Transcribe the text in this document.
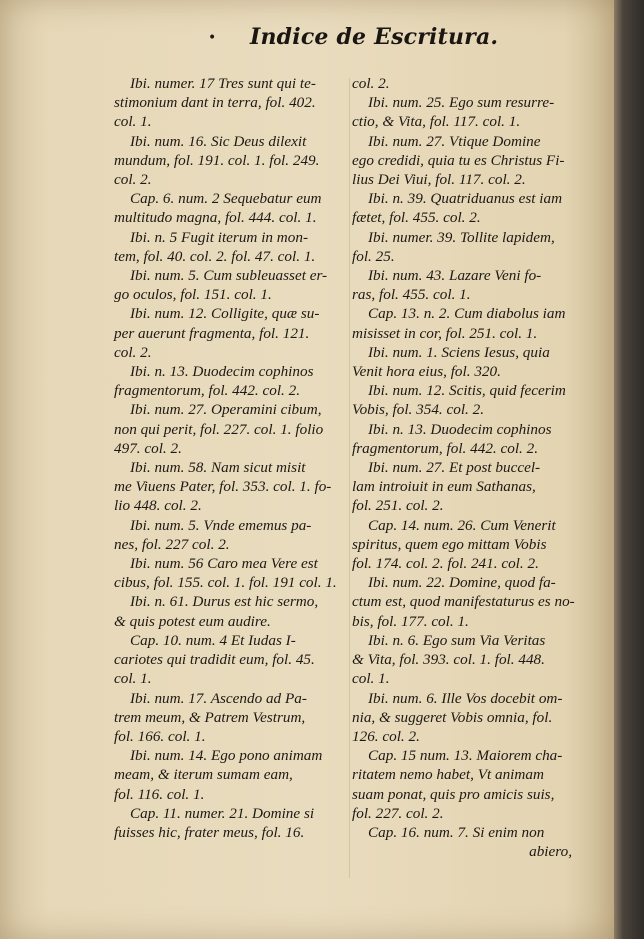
• Indice de Escritura.

Ibi. numer. 17 Tres sunt qui te-

stimonium dant in terra, fol. 402.

col. 1.

Ibi. num. 16. Sic Deus dilexit

mundum, fol. 191. col. 1. fol. 249.

col. 2.

Cap. 6. num. 2 Sequebatur eum

multitudo magna, fol. 444. col. 1.

Ibi. n. 5 Fugit iterum in mon-

tem, fol. 40. col. 2. fol. 47. col. 1.

Ibi. num. 5. Cum subleuasset er-

go oculos, fol. 151. col. 1.

Ibi. num. 12. Colligite, quæ su-

per auerunt fragmenta, fol. 121.

col. 2.

Ibi. n. 13. Duodecim cophinos

fragmentorum, fol. 442. col. 2.

Ibi. num. 27. Operamini cibum,

non qui perit, fol. 227. col. 1. folio

497. col. 2.

Ibi. num. 58. Nam sicut misit

me Viuens Pater, fol. 353. col. 1. fo-

lio 448. col. 2.

Ibi. num. 5. Vnde ememus pa-

nes, fol. 227 col. 2.

Ibi. num. 56 Caro mea Vere est

cibus, fol. 155. col. 1. fol. 191 col. 1.

Ibi. n. 61. Durus est hic sermo,

& quis potest eum audire.

Cap. 10. num. 4 Et Iudas I-

cariotes qui tradidit eum, fol. 45.

col. 1.

Ibi. num. 17. Ascendo ad Pa-

trem meum, & Patrem Vestrum,

fol. 166. col. 1.

Ibi. num. 14. Ego pono animam

meam, & iterum sumam eam,

fol. 116. col. 1.

Cap. 11. numer. 21. Domine si

fuisses hic, frater meus, fol. 16.

col. 2.

Ibi. num. 25. Ego sum resurre-

ctio, & Vita, fol. 117. col. 1.

Ibi. num. 27. Vtique Domine

ego credidi, quia tu es Christus Fi-

lius Dei Viui, fol. 117. col. 2.

Ibi. n. 39. Quatriduanus est iam

fætet, fol. 455. col. 2.

Ibi. numer. 39. Tollite lapidem,

fol. 25.

Ibi. num. 43. Lazare Veni fo-

ras, fol. 455. col. 1.

Cap. 13. n. 2. Cum diabolus iam

misisset in cor, fol. 251. col. 1.

Ibi. num. 1. Sciens Iesus, quia

Venit hora eius, fol. 320.

Ibi. num. 12. Scitis, quid fecerim

Vobis, fol. 354. col. 2.

Ibi. n. 13. Duodecim cophinos

fragmentorum, fol. 442. col. 2.

Ibi. num. 27. Et post buccel-

lam introiuit in eum Sathanas,

fol. 251. col. 2.

Cap. 14. num. 26. Cum Venerit

spiritus, quem ego mittam Vobis

fol. 174. col. 2. fol. 241. col. 2.

Ibi. num. 22. Domine, quod fa-

ctum est, quod manifestaturus es no-

bis, fol. 177. col. 1.

Ibi. n. 6. Ego sum Via Veritas

& Vita, fol. 393. col. 1. fol. 448.

col. 1.

Ibi. num. 6. Ille Vos docebit om-

nia, & suggeret Vobis omnia, fol.

126. col. 2.

Cap. 15 num. 13. Maiorem cha-

ritatem nemo habet, Vt animam

suam ponat, quis pro amicis suis,

fol. 227. col. 2.

Cap. 16. num. 7. Si enim non

abiero,
